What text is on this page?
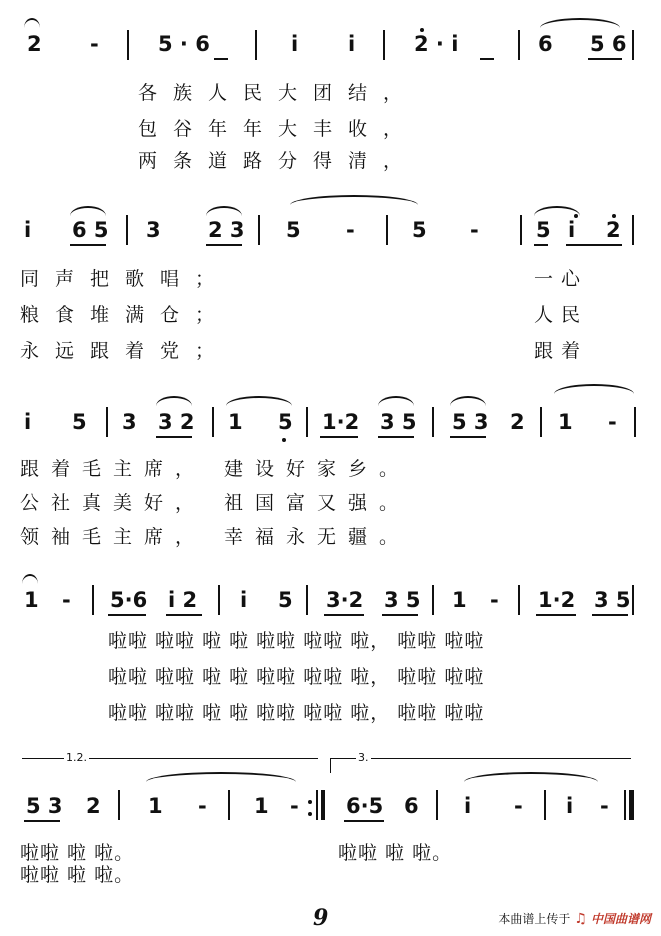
2 -	5 · 6	i i	2 · i	6 5 6
各族人民大团结，
包谷年年大丰收，
两条道路分得清，
i 6 5 3 2 3 5 -	5 -	5 i 2
同声把歌唱；
粮食堆满仓；
永远跟着党；
一 心
人 民
跟 着
i 5 3 3 2 1 5 1·2 3 5 5 3 2 1 -
跟着毛主席， 建设好家乡。
公社真美好， 祖国富又强。
领袖毛主席， 幸福永无疆。
1 - 5·6 i 2 i 5 3·2 3 5 1 - 1·2 3 5
啦啦 啦啦 啦 啦 啦啦 啦啦 啦， 啦啦 啦啦
啦啦 啦啦 啦 啦 啦啦 啦啦 啦， 啦啦 啦啦
啦啦 啦啦 啦 啦 啦啦 啦啦 啦， 啦啦 啦啦
1.2.	3.
5 3 2 1 - 1 - 6·5 6 i - i -
啦啦 啦 啦。
啦啦 啦 啦。
啦啦 啦 啦。
9	本曲谱上传于 ♫ 中国曲谱网
